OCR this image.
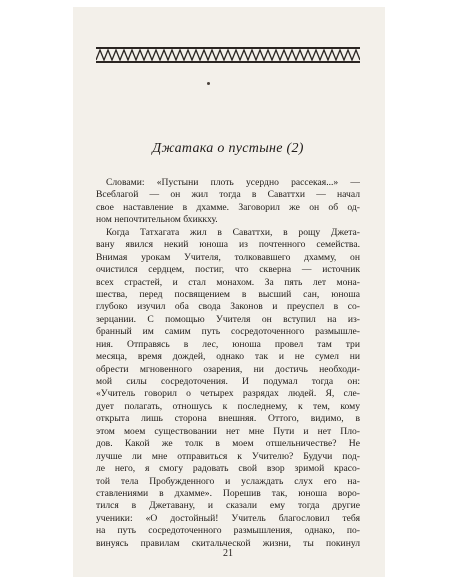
Джатака о пустыне (2)
Словами: «Пустыни плоть усердно рассекая...» —
Всеблагой — он жил тогда в Саваттхи — начал
свое наставление в дхамме. Заговорил же он об од-
ном непочтительном бхиккху.
Когда Татхагата жил в Саваттхи, в рощу Джета-
вану явился некий юноша из почтенного семейства.
Внимая урокам Учителя, толковавшего дхамму, он
очистился сердцем, постиг, что скверна — источник
всех страстей, и стал монахом. За пять лет мона-
шества, перед посвящением в высший сан, юноша
глубоко изучил оба свода Законов и преуспел в со-
зерцании. С помощью Учителя он вступил на из-
бранный им самим путь сосредоточенного размышле-
ния. Отправясь в лес, юноша провел там три
месяца, время дождей, однако так и не сумел ни
обрести мгновенного озарения, ни достичь необходи-
мой силы сосредоточения. И подумал тогда он:
«Учитель говорил о четырех разрядах людей. Я, сле-
дует полагать, отношусь к последнему, к тем, кому
открыта лишь сторона внешняя. Оттого, видимо, в
этом моем существовании нет мне Пути и нет Пло-
дов. Какой же толк в моем отшельничестве? Не
лучше ли мне отправиться к Учителю? Будучи под-
ле него, я смогу радовать свой взор зримой красо-
той тела Пробужденного и услаждать слух его на-
ставлениями в дхамме». Порешив так, юноша воро-
тился в Джетавану, и сказали ему тогда другие
ученики: «О достойный! Учитель благословил тебя
на путь сосредоточенного размышления, однако, по-
винуясь правилам скитальческой жизни, ты покинул
21
